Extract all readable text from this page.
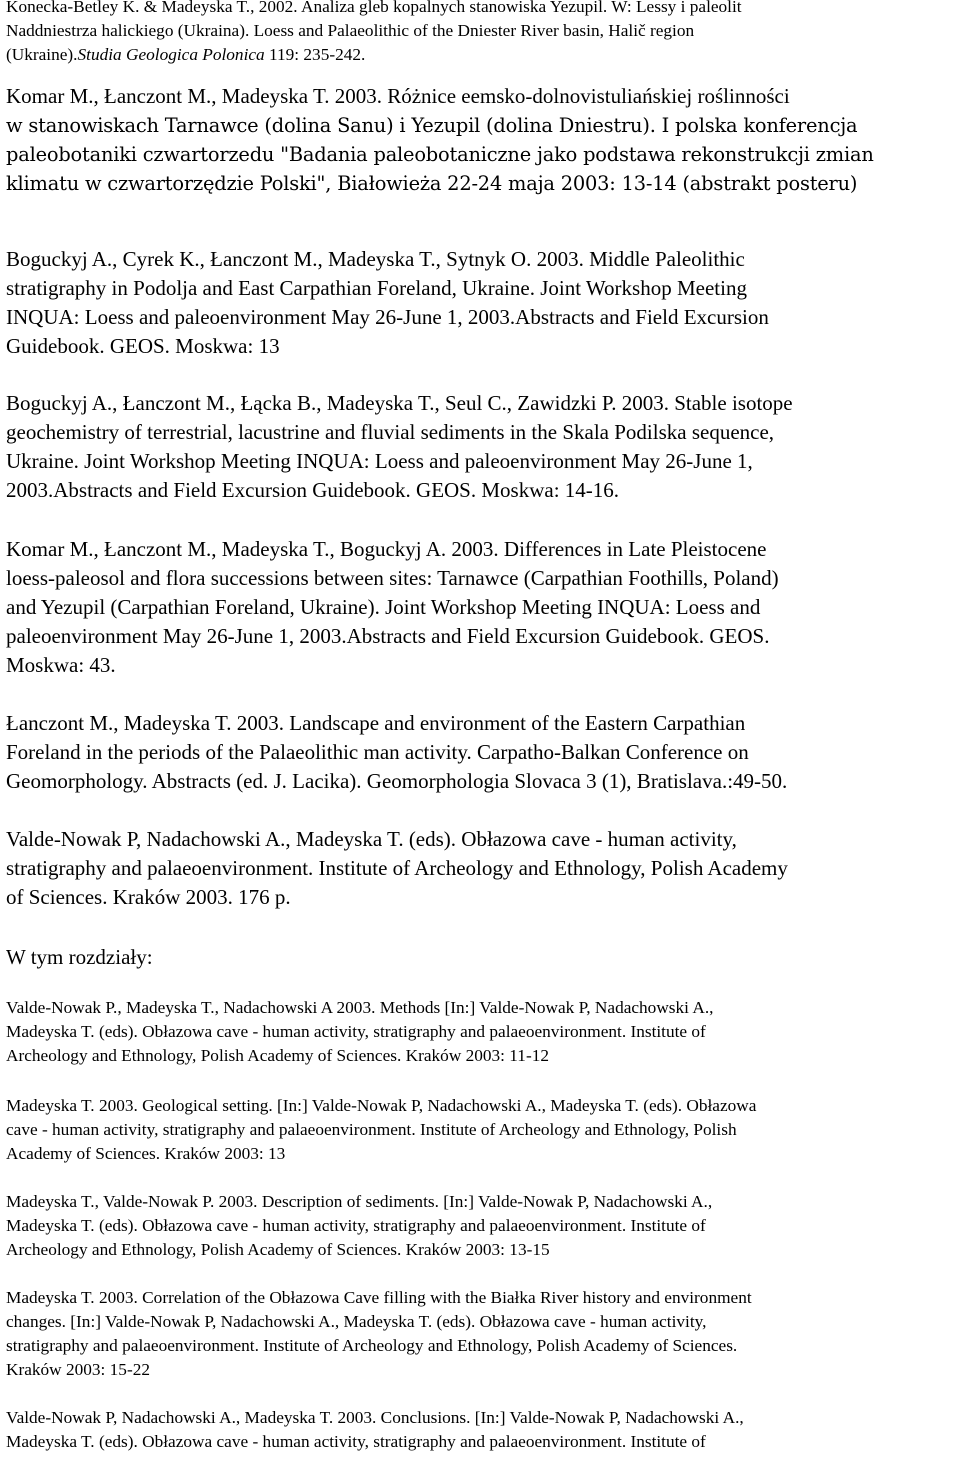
Konecka-Betley K. & Madeyska T., 2002. Analiza gleb kopalnych stanowiska Yezupil. W: Lessy i paleolit
Naddniestrza halickiego (Ukraina). Loess and Palaeolithic of the Dniester River basin, Halič region
(Ukraine).Studia Geologica Polonica 119: 235-242.

Komar M., Łanczont M., Madeyska T. 2003. Różnice eemsko-dolnovistuliańskiej roślinności
w stanowiskach Tarnawce (dolina Sanu) i Yezupil (dolina Dniestru). I polska konferencja
paleobotaniki czwartorzedu "Badania paleobotaniczne jako podstawa rekonstrukcji zmian
klimatu w czwartorzędzie Polski", Białowieża 22-24 maja 2003: 13-14 (abstrakt posteru)

Boguckyj A., Cyrek K., Łanczont M., Madeyska T., Sytnyk O. 2003. Middle Paleolithic
stratigraphy in Podolja and East Carpathian Foreland, Ukraine. Joint Workshop Meeting
INQUA: Loess and paleoenvironment May 26-June 1, 2003.Abstracts and Field Excursion
Guidebook. GEOS. Moskwa: 13

Boguckyj A., Łanczont M., Łącka B., Madeyska T., Seul C., Zawidzki P. 2003. Stable isotope
geochemistry of terrestrial, lacustrine and fluvial sediments in the Skala Podilska sequence,
Ukraine. Joint Workshop Meeting INQUA: Loess and paleoenvironment May 26-June 1,
2003.Abstracts and Field Excursion Guidebook. GEOS. Moskwa: 14-16.

Komar M., Łanczont M., Madeyska T., Boguckyj A. 2003. Differences in Late Pleistocene
loess-paleosol and flora successions between sites: Tarnawce (Carpathian Foothills, Poland)
and Yezupil (Carpathian Foreland, Ukraine). Joint Workshop Meeting INQUA: Loess and
paleoenvironment May 26-June 1, 2003.Abstracts and Field Excursion Guidebook. GEOS.
Moskwa: 43.

Łanczont M., Madeyska T. 2003. Landscape and environment of the Eastern Carpathian
Foreland in the periods of the Palaeolithic man activity. Carpatho-Balkan Conference on
Geomorphology. Abstracts (ed. J. Lacika). Geomorphologia Slovaca 3 (1), Bratislava.:49-50.

Valde-Nowak P, Nadachowski A., Madeyska T. (eds). Obłazowa cave - human activity,
stratigraphy and palaeoenvironment. Institute of Archeology and Ethnology, Polish Academy
of Sciences. Kraków 2003. 176 p.

W tym rozdziały:

Valde-Nowak P., Madeyska T., Nadachowski A 2003. Methods [In:] Valde-Nowak P, Nadachowski A.,
Madeyska T. (eds). Obłazowa cave - human activity, stratigraphy and palaeoenvironment. Institute of
Archeology and Ethnology, Polish Academy of Sciences. Kraków 2003: 11-12

Madeyska T. 2003. Geological setting. [In:] Valde-Nowak P, Nadachowski A., Madeyska T. (eds). Obłazowa
cave - human activity, stratigraphy and palaeoenvironment. Institute of Archeology and Ethnology, Polish
Academy of Sciences. Kraków 2003: 13

Madeyska T., Valde-Nowak P. 2003. Description of sediments. [In:] Valde-Nowak P, Nadachowski A.,
Madeyska T. (eds). Obłazowa cave - human activity, stratigraphy and palaeoenvironment. Institute of
Archeology and Ethnology, Polish Academy of Sciences. Kraków 2003: 13-15

Madeyska T. 2003. Correlation of the Obłazowa Cave filling with the Białka River history and environment
changes. [In:] Valde-Nowak P, Nadachowski A., Madeyska T. (eds). Obłazowa cave - human activity,
stratigraphy and palaeoenvironment. Institute of Archeology and Ethnology, Polish Academy of Sciences.
Kraków 2003: 15-22

Valde-Nowak P, Nadachowski A., Madeyska T. 2003. Conclusions. [In:] Valde-Nowak P, Nadachowski A.,
Madeyska T. (eds). Obłazowa cave - human activity, stratigraphy and palaeoenvironment. Institute of
